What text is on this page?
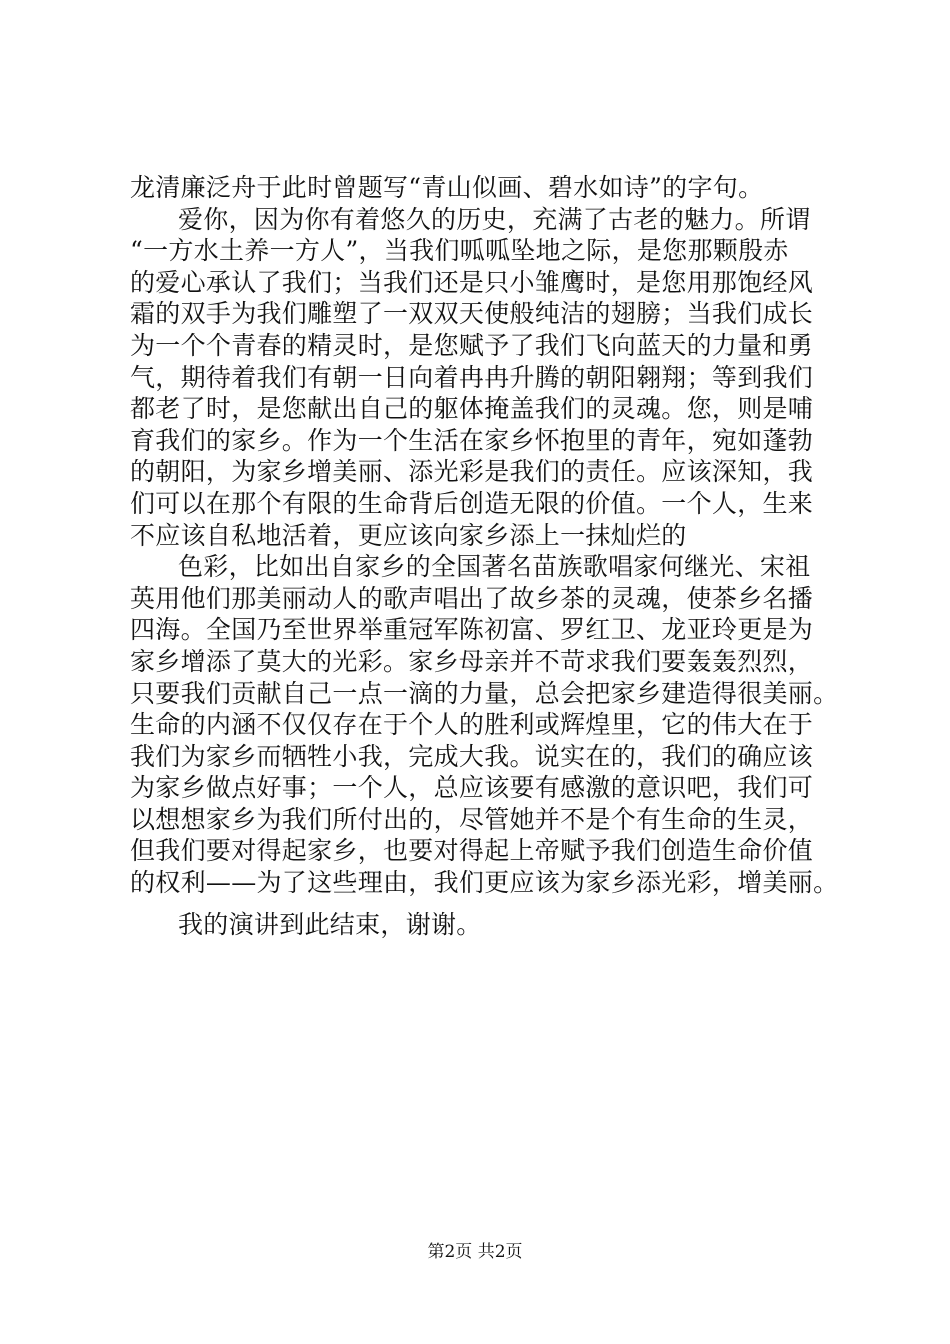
龙清廉泛舟于此时曾题写“青山似画、碧水如诗”的字句。
爱你，因为你有着悠久的历史，充满了古老的魅力。所谓
“一方水土养一方人”，当我们呱呱坠地之际，是您那颗殷赤
的爱心承认了我们；当我们还是只小雏鹰时，是您用那饱经风
霜的双手为我们雕塑了一双双天使般纯洁的翅膀；当我们成长
为一个个青春的精灵时，是您赋予了我们飞向蓝天的力量和勇
气，期待着我们有朝一日向着冉冉升腾的朝阳翱翔；等到我们
都老了时，是您献出自己的躯体掩盖我们的灵魂。您，则是哺
育我们的家乡。作为一个生活在家乡怀抱里的青年，宛如蓬勃
的朝阳，为家乡增美丽、添光彩是我们的责任。应该深知，我
们可以在那个有限的生命背后创造无限的价值。一个人，生来
不应该自私地活着，更应该向家乡添上一抹灿烂的
色彩，比如出自家乡的全国著名苗族歌唱家何继光、宋祖
英用他们那美丽动人的歌声唱出了故乡茶的灵魂，使茶乡名播
四海。全国乃至世界举重冠军陈初富、罗红卫、龙亚玲更是为
家乡增添了莫大的光彩。家乡母亲并不苛求我们要轰轰烈烈，
只要我们贡献自己一点一滴的力量，总会把家乡建造得很美丽。
生命的内涵不仅仅存在于个人的胜利或辉煌里，它的伟大在于
我们为家乡而牺牲小我，完成大我。说实在的，我们的确应该
为家乡做点好事；一个人，总应该要有感激的意识吧，我们可
以想想家乡为我们所付出的，尽管她并不是个有生命的生灵，
但我们要对得起家乡，也要对得起上帝赋予我们创造生命价值
的权利——为了这些理由，我们更应该为家乡添光彩，增美丽。
我的演讲到此结束，谢谢。
第2页 共2页
